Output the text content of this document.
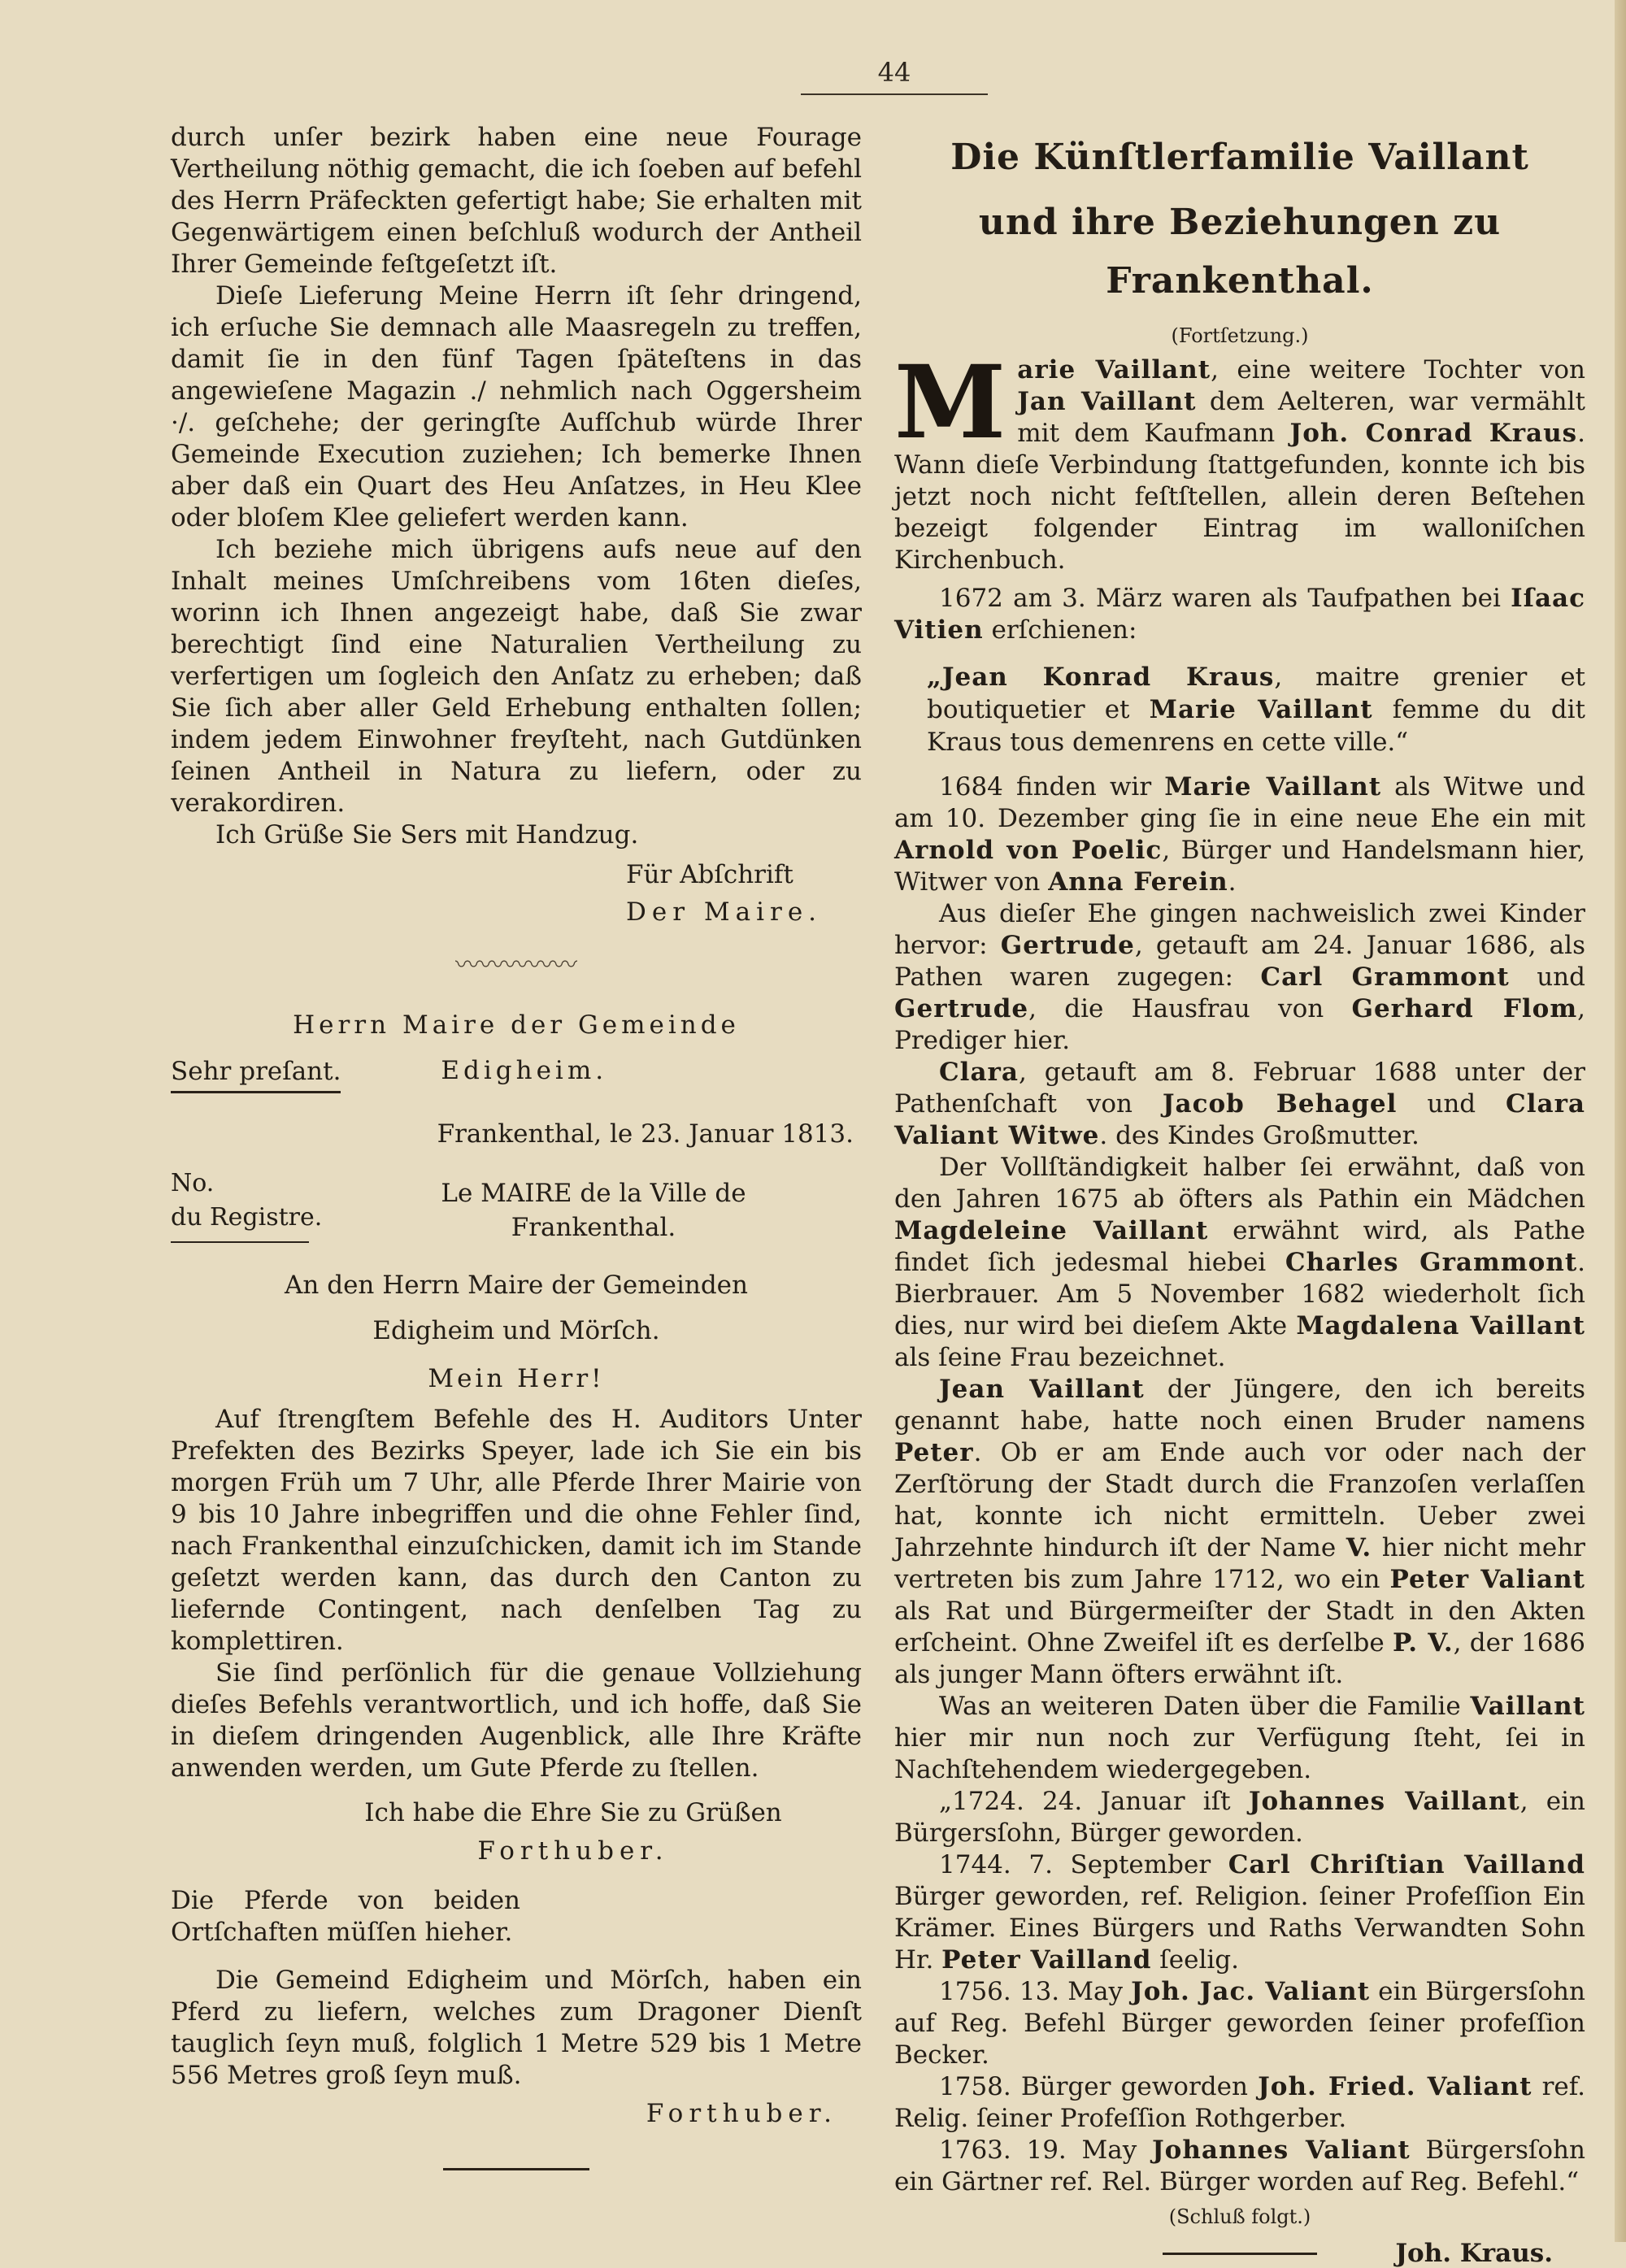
44

durch unſer bezirk haben eine neue Fourage Vertheilung nöthig gemacht, die ich ſoeben auf befehl des Herrn Präfeckten gefertigt habe; Sie erhalten mit Gegenwärtigem einen beſchluß wodurch der Antheil Ihrer Gemeinde feſtgeſetzt iſt.

Dieſe Lieferung Meine Herrn iſt ſehr dringend, ich erſuche Sie demnach alle Maasregeln zu treffen, damit ſie in den fünf Tagen ſpäteſtens in das angewieſene Magazin ./ nehmlich nach Oggersheim ·/. geſchehe; der geringſte Aufſchub würde Ihrer Gemeinde Execution zuziehen; Ich bemerke Ihnen aber daß ein Quart des Heu Anſatzes, in Heu Klee oder bloſem Klee geliefert werden kann.

Ich beziehe mich übrigens aufs neue auf den Inhalt meines Umſchreibens vom 16ten dieſes, worinn ich Ihnen angezeigt habe, daß Sie zwar berechtigt ſind eine Naturalien Vertheilung zu verfertigen um ſogleich den Anſatz zu erheben; daß Sie ſich aber aller Geld Erhebung enthalten ſollen; indem jedem Einwohner freyſteht, nach Gutdünken ſeinen Antheil in Natura zu liefern, oder zu verakordiren.

Ich Grüße Sie Sers mit Handzug.

Für Abſchrift
Der Maire.
〰〰〰〰〰
Herrn Maire der Gemeinde
Sehr preſant.	Edigheim.
Frankenthal, le 23. Januar 1813.
No.
du Registre.
Le MAIRE de la Ville de
Frankenthal.
An den Herrn Maire der Gemeinden
Edigheim und Mörſch.
Mein Herr!

Auf ſtrengſtem Befehle des H. Auditors Unter Prefekten des Bezirks Speyer, lade ich Sie ein bis morgen Früh um 7 Uhr, alle Pferde Ihrer Mairie von 9 bis 10 Jahre inbegriffen und die ohne Fehler ſind, nach Frankenthal einzuſchicken, damit ich im Stande geſetzt werden kann, das durch den Canton zu liefernde Contingent, nach denſelben Tag zu komplettiren.

Sie ſind perſönlich für die genaue Vollziehung dieſes Befehls verantwortlich, und ich hoffe, daß Sie in dieſem dringenden Augenblick, alle Ihre Kräfte anwenden werden, um Gute Pferde zu ſtellen.

Ich habe die Ehre Sie zu Grüßen
Forthuber.

Die Pferde von beiden Ortſchaften müſſen hieher.

Die Gemeind Edigheim und Mörſch, haben ein Pferd zu liefern, welches zum Dragoner Dienſt tauglich ſeyn muß, folglich 1 Metre 529 bis 1 Metre 556 Metres groß ſeyn muß.

Forthuber.
Die Künſtlerfamilie Vaillant
und ihre Beziehungen zu Frankenthal.
(Fortſetzung.)

Marie Vaillant, eine weitere Tochter von Jan Vaillant dem Aelteren, war vermählt mit dem Kaufmann Joh. Conrad Kraus. Wann dieſe Verbindung ſtattgefunden, konnte ich bis jetzt noch nicht feſtſtellen, allein deren Beſtehen bezeigt folgender Eintrag im walloniſchen Kirchenbuch.

1672 am 3. März waren als Taufpathen bei Iſaac Vitien erſchienen:

„Jean Konrad Kraus, maitre grenier et boutiquetier et Marie Vaillant femme du dit Kraus tous demenrens en cette ville.“

1684 finden wir Marie Vaillant als Witwe und am 10. Dezember ging ſie in eine neue Ehe ein mit Arnold von Poelic, Bürger und Handelsmann hier, Witwer von Anna Ferein.

Aus dieſer Ehe gingen nachweislich zwei Kinder hervor: Gertrude, getauft am 24. Januar 1686, als Pathen waren zugegen: Carl Grammont und Gertrude, die Hausfrau von Gerhard Flom, Prediger hier.

Clara, getauft am 8. Februar 1688 unter der Pathenſchaft von Jacob Behagel und Clara Valiant Witwe. des Kindes Großmutter.

Der Vollſtändigkeit halber ſei erwähnt, daß von den Jahren 1675 ab öfters als Pathin ein Mädchen Magdeleine Vaillant erwähnt wird, als Pathe findet ſich jedesmal hiebei Charles Grammont. Bierbrauer. Am 5 November 1682 wiederholt ſich dies, nur wird bei dieſem Akte Magdalena Vaillant als ſeine Frau bezeichnet.

Jean Vaillant der Jüngere, den ich bereits genannt habe, hatte noch einen Bruder namens Peter. Ob er am Ende auch vor oder nach der Zerſtörung der Stadt durch die Franzoſen verlaſſen hat, konnte ich nicht ermitteln. Ueber zwei Jahrzehnte hindurch iſt der Name V. hier nicht mehr vertreten bis zum Jahre 1712, wo ein Peter Valiant als Rat und Bürgermeiſter der Stadt in den Akten erſcheint. Ohne Zweifel iſt es derſelbe P. V., der 1686 als junger Mann öfters erwähnt iſt.

Was an weiteren Daten über die Familie Vaillant hier mir nun noch zur Verfügung ſteht, ſei in Nachſtehendem wiedergegeben.

„1724. 24. Januar iſt Johannes Vaillant, ein Bürgersſohn, Bürger geworden.

1744. 7. September Carl Chriſtian Vailland Bürger geworden, ref. Religion. ſeiner Profeſſion Ein Krämer. Eines Bürgers und Raths Verwandten Sohn Hr. Peter Vailland ſeelig.

1756. 13. May Joh. Jac. Valiant ein Bürgersſohn auf Reg. Befehl Bürger geworden ſeiner profeſſion Becker.

1758. Bürger geworden Joh. Fried. Valiant ref. Relig. ſeiner Profeſſion Rothgerber.

1763. 19. May Johannes Valiant Bürgersſohn ein Gärtner ref. Rel. Bürger worden auf Reg. Befehl.“

(Schluß folgt.)
Joh. Kraus.
